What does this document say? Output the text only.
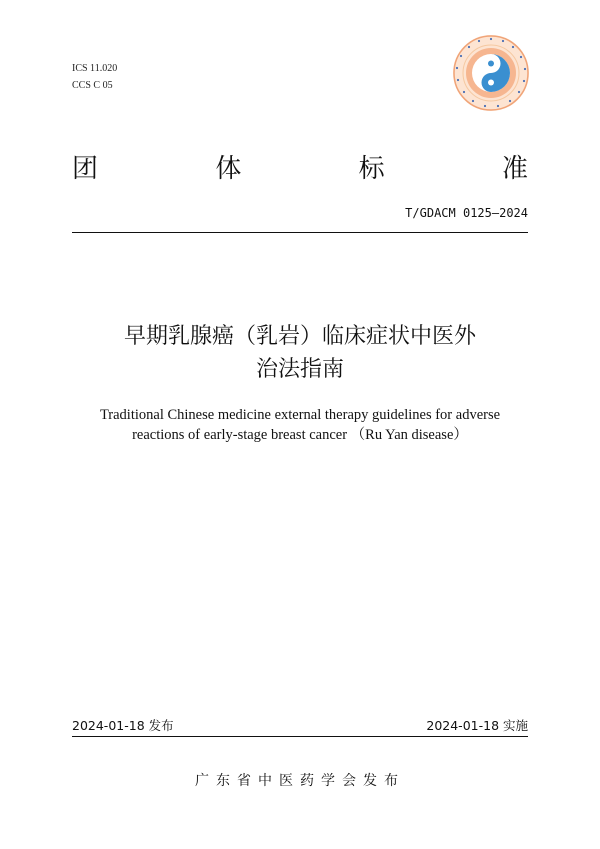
ICS 11.020
CCS C 05
团	体	标	准
T/GDACM 0125—2024
早期乳腺癌（乳岩）临床症状中医外
治法指南
Traditional Chinese medicine external therapy guidelines for adverse
reactions of early-stage breast cancer （Ru Yan disease）
2024-01-18 发布	2024-01-18 实施
广东省中医药学会发布
